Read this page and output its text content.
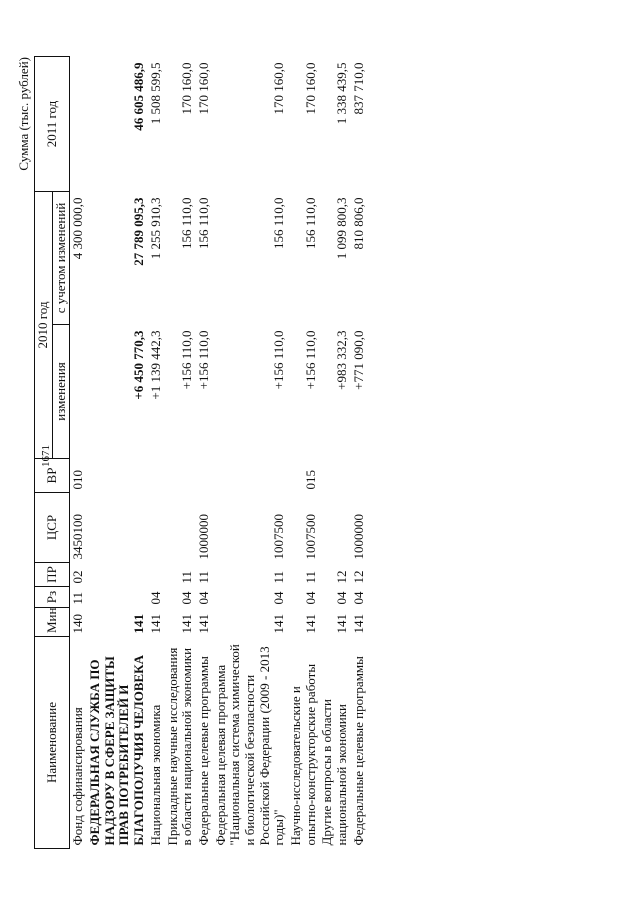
1671
Сумма (тыс. рублей)
Наименование	Мин	Рз	ПР	ЦСР	ВР	2010 год		2011 год
						изменения	с учетом изменений	
Фонд софинансирования	140	11	02	3450100	010		4 300 000,0	
ФЕДЕРАЛЬНАЯ СЛУЖБА ПО НАДЗОРУ В СФЕРЕ ЗАЩИТЫ ПРАВ ПОТРЕБИТЕЛЕЙ И БЛАГОПОЛУЧИЯ ЧЕЛОВЕКА	141					+6 450 770,3	27 789 095,3	46 605 486,9
Национальная экономика	141	04				+1 139 442,3	1 255 910,3	1 508 599,5
Прикладные научные исследования в области национальной экономики	141	04	11			+156 110,0	156 110,0	170 160,0
Федеральные целевые программы	141	04	11	1000000		+156 110,0	156 110,0	170 160,0
Федеральная целевая программа "Национальная система химической и биологической безопасности Российской Федерации (2009 - 2013 годы)"	141	04	11	1007500		+156 110,0	156 110,0	170 160,0
Научно-исследовательские и опытно-конструкторские работы	141	04	11	1007500	015	+156 110,0	156 110,0	170 160,0
Другие вопросы в области национальной экономики	141	04	12			+983 332,3	1 099 800,3	1 338 439,5
Федеральные целевые программы	141	04	12	1000000		+771 090,0	810 806,0	837 710,0
